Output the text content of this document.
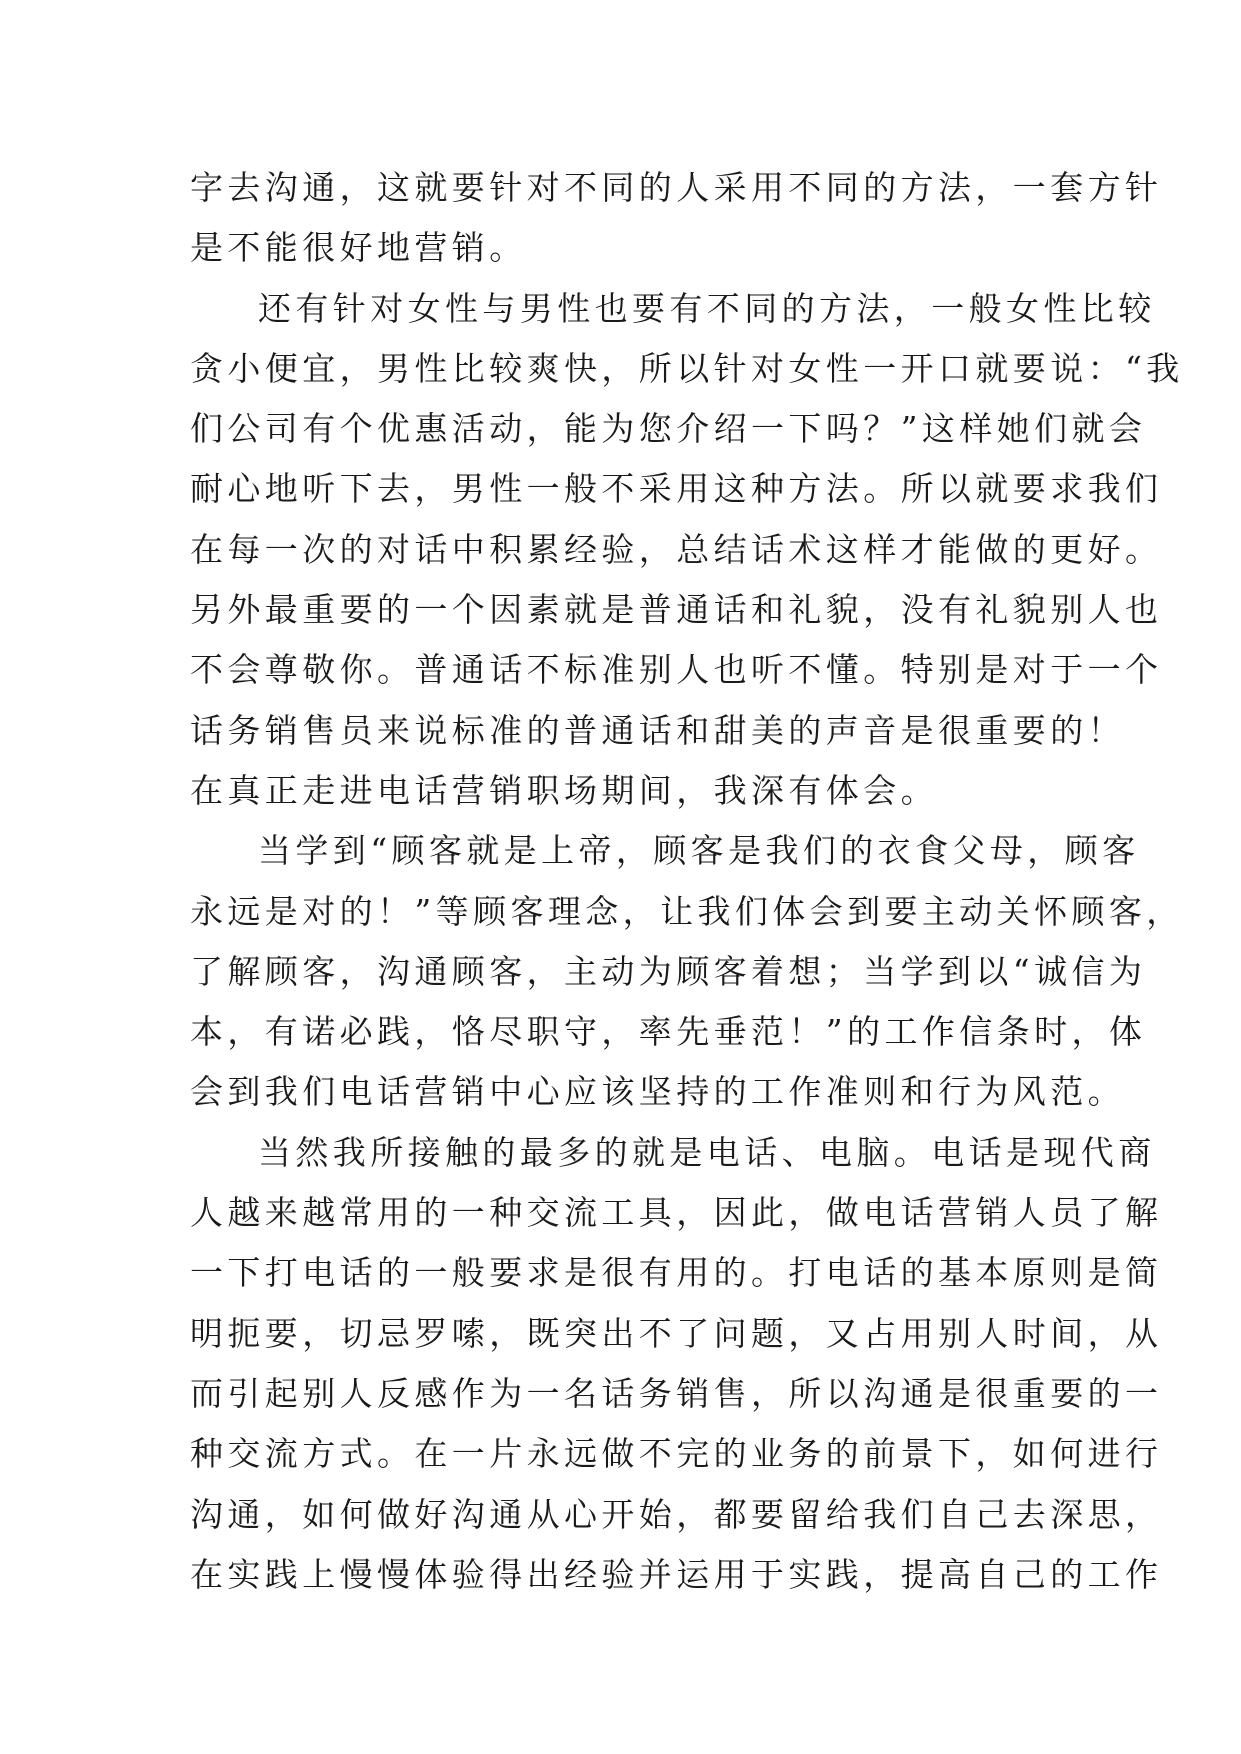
字去沟通，这就要针对不同的人采用不同的方法，一套方针
是不能很好地营销。
还有针对女性与男性也要有不同的方法，一般女性比较
贪小便宜，男性比较爽快，所以针对女性一开口就要说：“我
们公司有个优惠活动，能为您介绍一下吗？”这样她们就会
耐心地听下去，男性一般不采用这种方法。所以就要求我们
在每一次的对话中积累经验，总结话术这样才能做的更好。
另外最重要的一个因素就是普通话和礼貌，没有礼貌别人也
不会尊敬你。普通话不标准别人也听不懂。特别是对于一个
话务销售员来说标准的普通话和甜美的声音是很重要的！
在真正走进电话营销职场期间，我深有体会。
当学到“顾客就是上帝，顾客是我们的衣食父母，顾客
永远是对的！”等顾客理念，让我们体会到要主动关怀顾客，
了解顾客，沟通顾客，主动为顾客着想；当学到以“诚信为
本，有诺必践，恪尽职守，率先垂范！”的工作信条时，体
会到我们电话营销中心应该坚持的工作准则和行为风范。
当然我所接触的最多的就是电话、电脑。电话是现代商
人越来越常用的一种交流工具，因此，做电话营销人员了解
一下打电话的一般要求是很有用的。打电话的基本原则是简
明扼要，切忌罗嗦，既突出不了问题，又占用别人时间，从
而引起别人反感作为一名话务销售，所以沟通是很重要的一
种交流方式。在一片永远做不完的业务的前景下，如何进行
沟通，如何做好沟通从心开始，都要留给我们自己去深思，
在实践上慢慢体验得出经验并运用于实践，提高自己的工作
